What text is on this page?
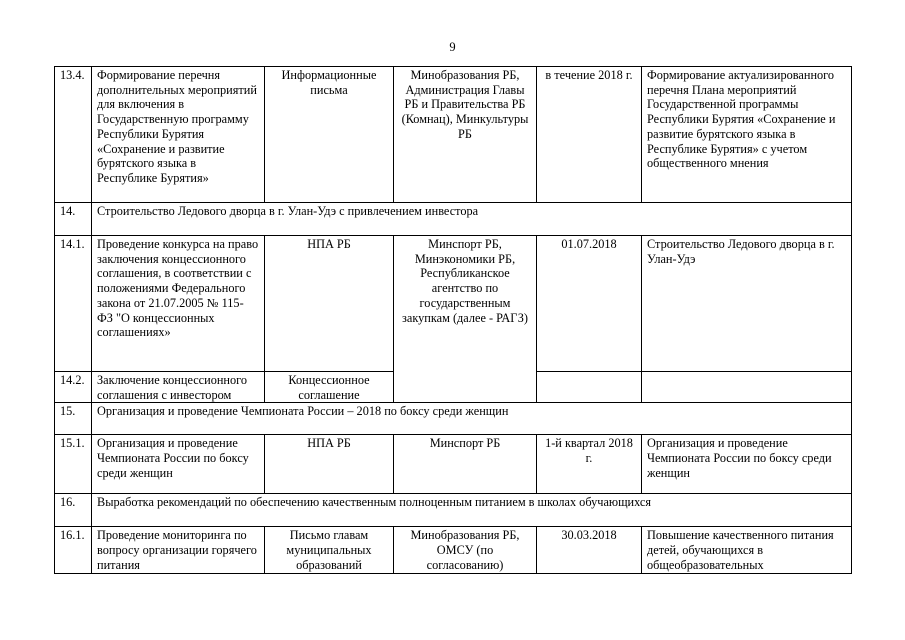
9
13.4.	Формирование перечня дополнительных мероприятий для включения в Государственную программу Республики Бурятия «Сохранение и развитие бурятского языка в Республике Бурятия»	Информационные письма	Минобразования РБ, Администрация Главы РБ и Правительства РБ (Комнац), Минкультуры РБ	в течение 2018 г.	Формирование актуализированного перечня Плана мероприятий Государственной программы Республики Бурятия «Сохранение и развитие бурятского языка в Республике Бурятия» с учетом общественного мнения
14.	Строительство Ледового дворца в г. Улан-Удэ с привлечением инвестора				
14.1.	Проведение конкурса на право заключения концессионного соглашения, в соответствии с положениями Федерального закона от 21.07.2005 № 115-ФЗ "О концессионных соглашениях»	НПА РБ	Минспорт РБ, Минэкономики РБ, Республиканское агентство по государственным закупкам (далее - РАГЗ)	01.07.2018	Строительство Ледового дворца в г. Улан-Удэ
14.2.	Заключение концессионного соглашения с инвестором	Концессионное соглашение			
15.	Организация и проведение Чемпионата России – 2018 по боксу среди женщин				
15.1.	Организация и проведение Чемпионата России по боксу среди женщин	НПА РБ	Минспорт РБ	1-й квартал 2018 г.	Организация и проведение Чемпионата России по боксу среди женщин
16.	Выработка рекомендаций по обеспечению качественным полноценным питанием в школах обучающихся				
16.1.	Проведение мониторинга по вопросу организации горячего питания	Письмо главам муниципальных образований	Минобразования РБ, ОМСУ (по согласованию)	30.03.2018	Повышение качественного питания детей, обучающихся в общеобразовательных
